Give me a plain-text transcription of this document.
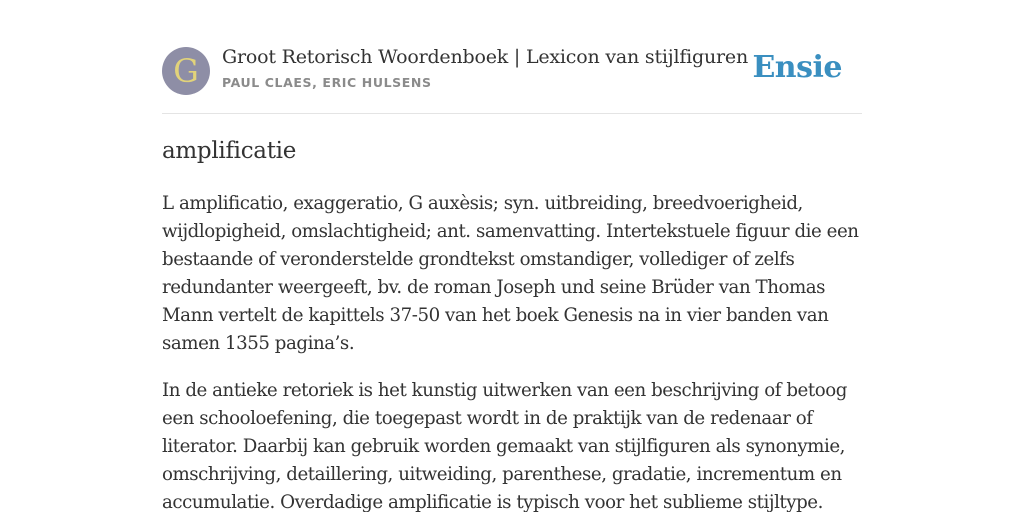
G	Groot Retorisch Woordenboek | Lexicon van stijlfiguren
PAUL CLAES, ERIC HULSENS	Ensie
amplificatie

L amplificatio, exaggeratio, G auxèsis; syn. uitbreiding, breedvoerigheid, wijdlopigheid, omslachtigheid; ant. samenvatting. Intertekstuele figuur die een bestaande of veronderstelde grondtekst omstandiger, vollediger of zelfs redundanter weergeeft, bv. de roman Joseph und seine Brüder van Thomas Mann vertelt de kapittels 37-50 van het boek Genesis na in vier banden van samen 1355 pagina’s.

In de antieke retoriek is het kunstig uitwerken van een beschrijving of betoog een schooloefening, die toegepast wordt in de praktijk van de redenaar of literator. Daarbij kan gebruik worden gemaakt van stijlfiguren als synonymie, omschrijving, detaillering, uitweiding, parenthese, gradatie, incrementum en accumulatie. Overdadige amplificatie is typisch voor het sublieme stijltype.
